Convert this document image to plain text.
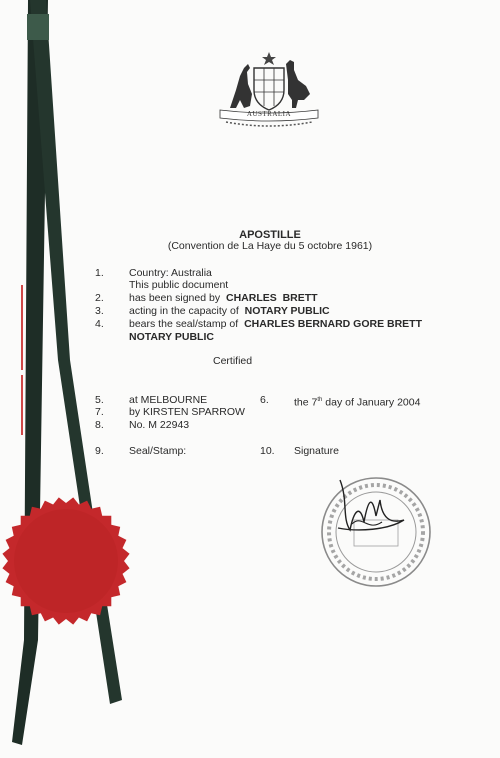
AUSTRALIA
APOSTILLE
(Convention de La Haye du 5 octobre 1961)
1.	Country: Australia
This public document
2.	has been signed by CHARLES  BRETT
3.	acting in the capacity of NOTARY PUBLIC
4.	bears the seal/stamp of CHARLES BERNARD GORE BRETT
NOTARY PUBLIC
Certified
5.	at MELBOURNE	6.	the 7th day of January 2004
7.	by KIRSTEN SPARROW
8.	No. M 22943
9.	Seal/Stamp:	10.	Signature
